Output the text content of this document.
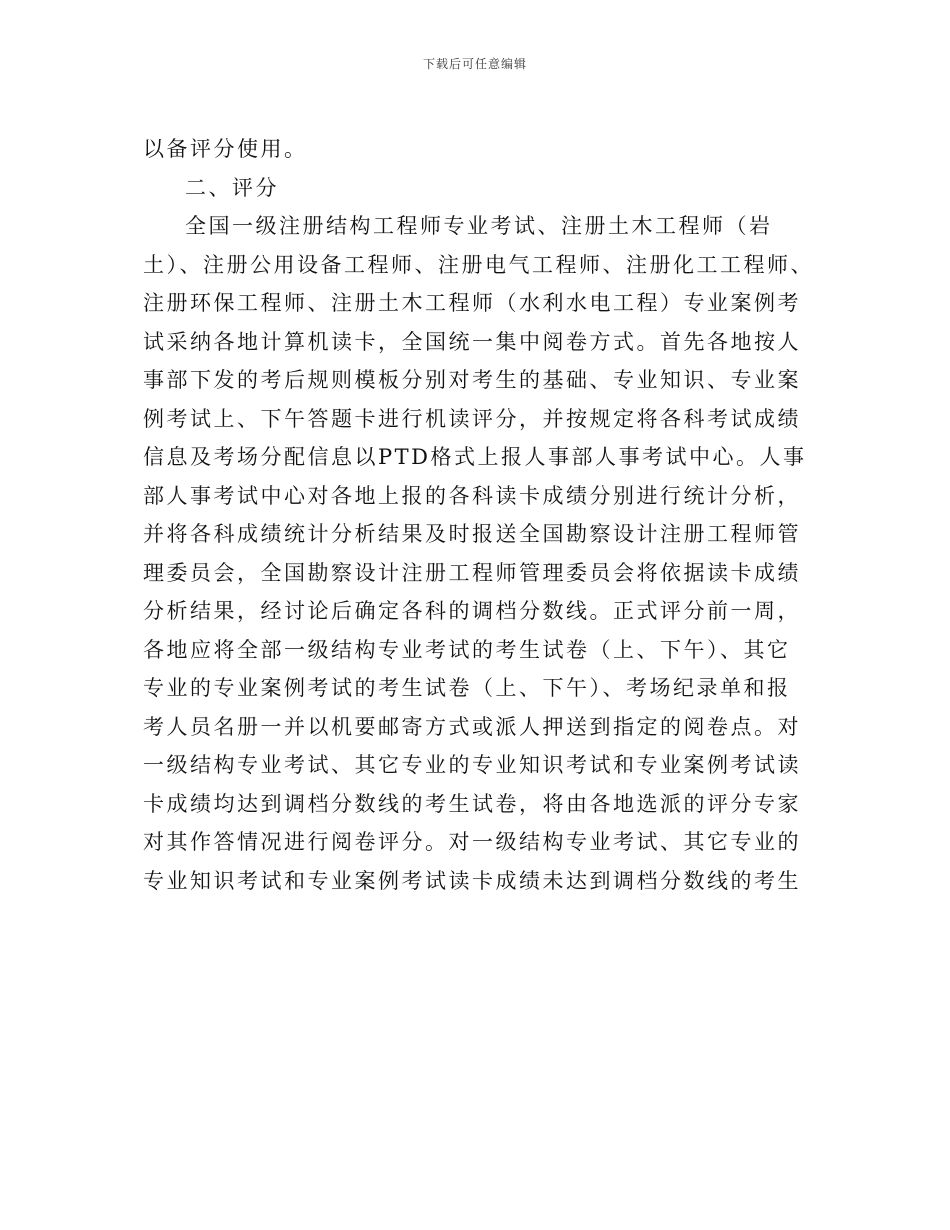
下载后可任意编辑
以备评分使用。
二、评分
全国一级注册结构工程师专业考试、注册土木工程师（岩
土）、注册公用设备工程师、注册电气工程师、注册化工工程师、
注册环保工程师、注册土木工程师（水利水电工程）专业案例考
试采纳各地计算机读卡，全国统一集中阅卷方式。首先各地按人
事部下发的考后规则模板分别对考生的基础、专业知识、专业案
例考试上、下午答题卡进行机读评分，并按规定将各科考试成绩
信息及考场分配信息以PTD格式上报人事部人事考试中心。人事
部人事考试中心对各地上报的各科读卡成绩分别进行统计分析，
并将各科成绩统计分析结果及时报送全国勘察设计注册工程师管
理委员会，全国勘察设计注册工程师管理委员会将依据读卡成绩
分析结果，经讨论后确定各科的调档分数线。正式评分前一周，
各地应将全部一级结构专业考试的考生试卷（上、下午）、其它
专业的专业案例考试的考生试卷（上、下午）、考场纪录单和报
考人员名册一并以机要邮寄方式或派人押送到指定的阅卷点。对
一级结构专业考试、其它专业的专业知识考试和专业案例考试读
卡成绩均达到调档分数线的考生试卷，将由各地选派的评分专家
对其作答情况进行阅卷评分。对一级结构专业考试、其它专业的
专业知识考试和专业案例考试读卡成绩未达到调档分数线的考生
